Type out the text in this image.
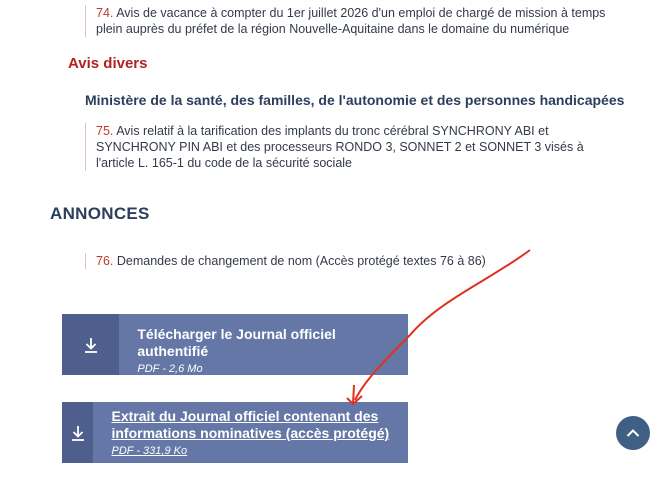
74. Avis de vacance à compter du 1er juillet 2026 d'un emploi de chargé de mission à temps plein auprès du préfet de la région Nouvelle-Aquitaine dans le domaine du numérique
Avis divers
Ministère de la santé, des familles, de l'autonomie et des personnes handicapées
75. Avis relatif à la tarification des implants du tronc cérébral SYNCHRONY ABI et SYNCHRONY PIN ABI et des processeurs RONDO 3, SONNET 2 et SONNET 3 visés à l'article L. 165-1 du code de la sécurité sociale
ANNONCES
76. Demandes de changement de nom (Accès protégé textes 76 à 86)
Télécharger le Journal officiel authentifié
PDF - 2,6 Mo
Extrait du Journal officiel contenant des informations nominatives (accès protégé)
PDF - 331,9 Ko
